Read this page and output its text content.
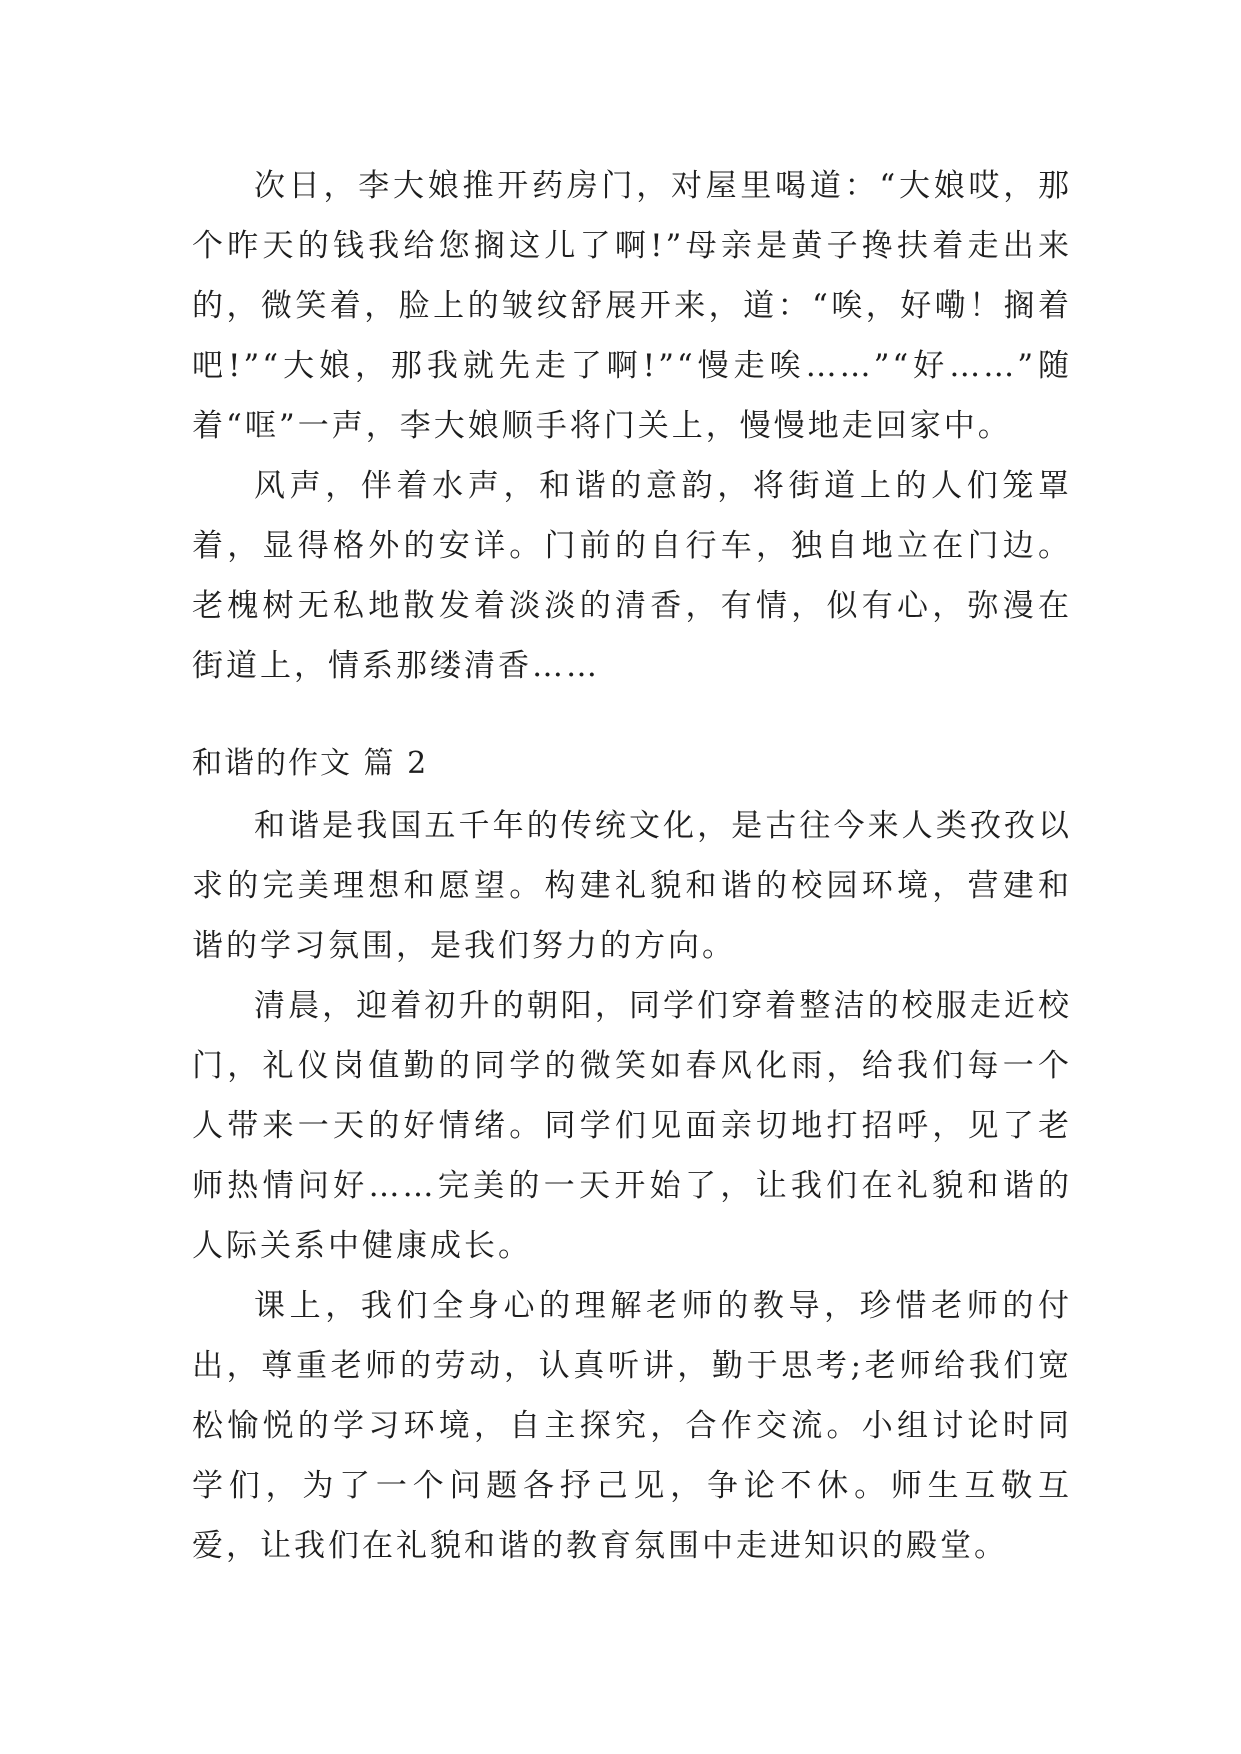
次日，李大娘推开药房门，对屋里喝道：“大娘哎，那个昨天的钱我给您搁这儿了啊!”母亲是黄子搀扶着走出来的，微笑着，脸上的皱纹舒展开来，道：“唉，好嘞！搁着吧!”“大娘，那我就先走了啊!”“慢走唉……”“好……”随着“哐”一声，李大娘顺手将门关上，慢慢地走回家中。

风声，伴着水声，和谐的意韵，将街道上的人们笼罩着，显得格外的安详。门前的自行车，独自地立在门边。老槐树无私地散发着淡淡的清香，有情，似有心，弥漫在街道上，情系那缕清香……

和谐的作文 篇 2

和谐是我国五千年的传统文化，是古往今来人类孜孜以求的完美理想和愿望。构建礼貌和谐的校园环境，营建和谐的学习氛围，是我们努力的方向。

清晨，迎着初升的朝阳，同学们穿着整洁的校服走近校门，礼仪岗值勤的同学的微笑如春风化雨，给我们每一个人带来一天的好情绪。同学们见面亲切地打招呼，见了老师热情问好……完美的一天开始了，让我们在礼貌和谐的人际关系中健康成长。

课上，我们全身心的理解老师的教导，珍惜老师的付出，尊重老师的劳动，认真听讲，勤于思考;老师给我们宽松愉悦的学习环境，自主探究，合作交流。小组讨论时同学们，为了一个问题各抒己见，争论不休。师生互敬互爱，让我们在礼貌和谐的教育氛围中走进知识的殿堂。
